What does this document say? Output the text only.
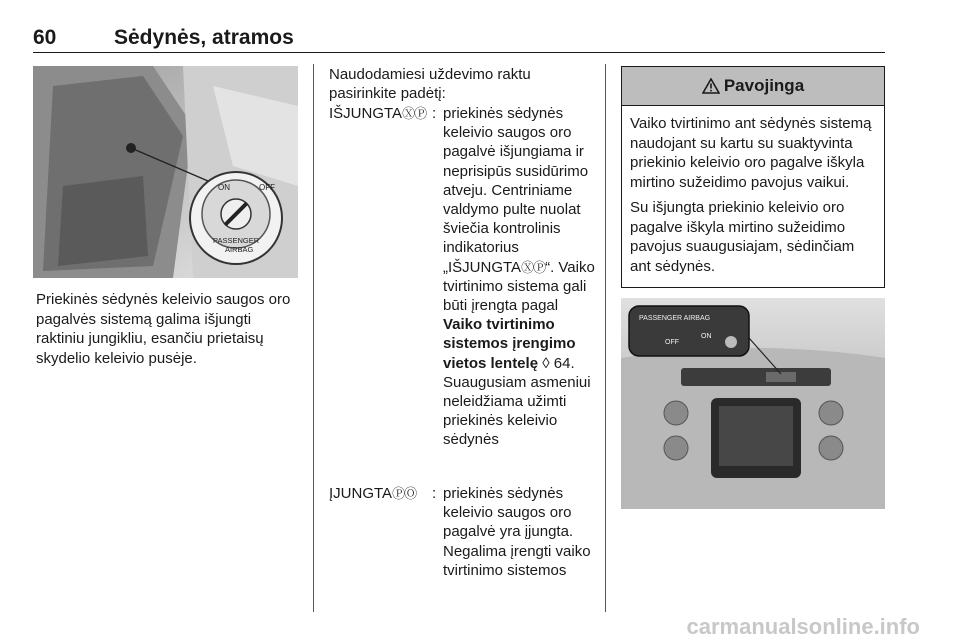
60	Sėdynės, atramos
ON	OFF
PASSENGER
AIRBAG
Priekinės sėdynės keleivio saugos oro pagalvės sistemą galima išjungti raktiniu jungikliu, esančiu prietaisų skydelio keleivio pusėje.
Naudodamiesi uždevimo raktu pasirinkite padėtį:
IŠJUNGTAⓍⓅ : priekinės sėdynės keleivio saugos oro pagalvė išjungiama ir neprisipūs susidūrimo atveju. Centriniame valdymo pulte nuolat šviečia kontrolinis indikatorius „IŠJUNGTAⓍⓅ“. Vaiko tvirtinimo sistema gali būti įrengta pagal Vaiko tvirtinimo sistemos įrengimo vietos lentelę ◊ 64.
Suaugusiam asmeniui neleidžiama užimti priekinės keleivio sėdynės
ĮJUNGTAⓅⓄ : priekinės sėdynės keleivio saugos oro pagalvė yra įjungta. Negalima įrengti vaiko tvirtinimo sistemos
Pavojinga

Vaiko tvirtinimo ant sėdynės sistemą naudojant su kartu su suaktyvinta priekinio keleivio oro pagalve iškyla mirtino sužeidimo pavojus vaikui.

Su išjungta priekinio keleivio oro pagalve iškyla mirtino sužeidimo pavojus suaugusiajam, sėdinčiam ant sėdynės.

PASSENGER AIRBAG
OFF
ON
carmanualsonline.info
